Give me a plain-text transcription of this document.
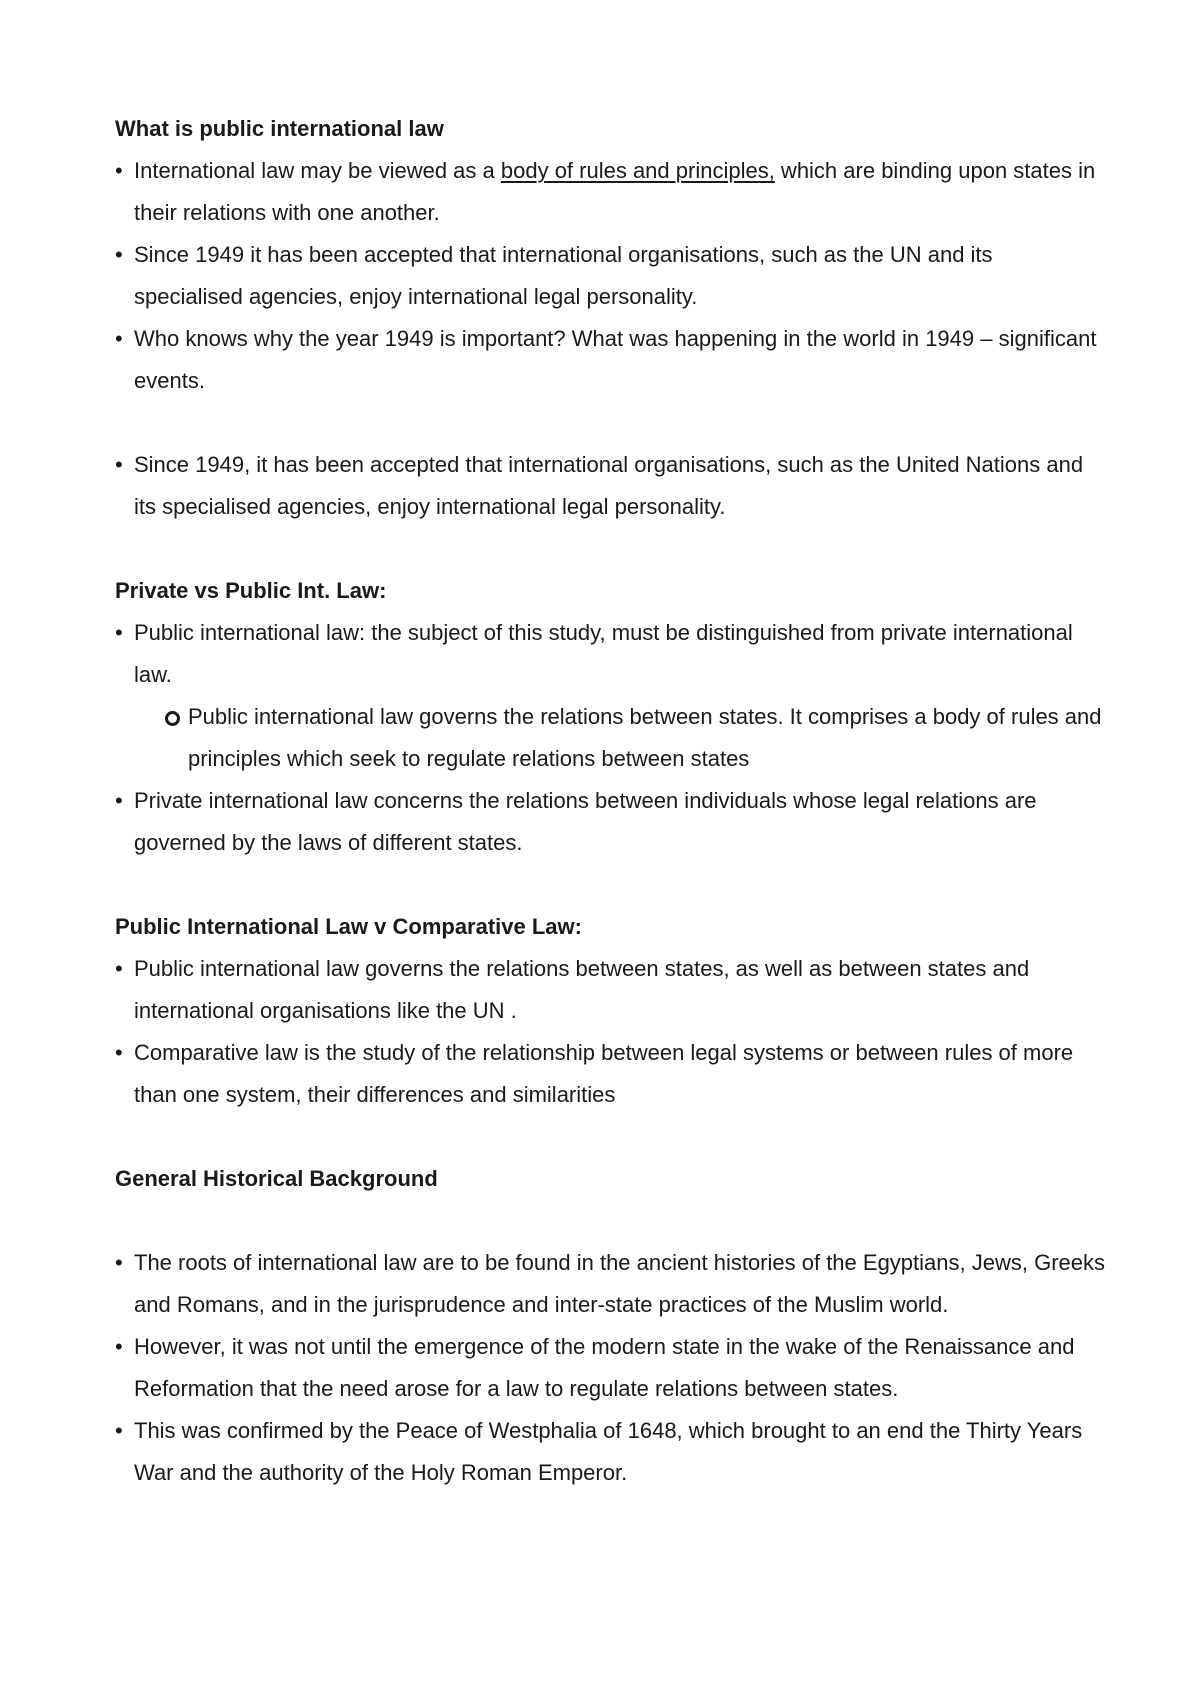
What is public international law

• International law may be viewed as a body of rules and principles, which are binding upon states in their relations with one another.

• Since 1949 it has been accepted that international organisations, such as the UN and its specialised agencies, enjoy international legal personality.

• Who knows why the year 1949 is important? What was happening in the world in 1949 – significant events.

• Since 1949, it has been accepted that international organisations, such as the United Nations and its specialised agencies, enjoy international legal personality.

Private vs Public Int. Law:

• Public international law: the subject of this study, must be distinguished from private international law.

Public international law governs the relations between states. It comprises a body of rules and principles which seek to regulate relations between states

• Private international law concerns the relations between individuals whose legal relations are governed by the laws of different states.

Public International Law v Comparative Law:

• Public international law governs the relations between states, as well as between states and international organisations like the UN .

• Comparative law is the study of the relationship between legal systems or between rules of more than one system, their differences and similarities

General Historical Background

• The roots of international law are to be found in the ancient histories of the Egyptians, Jews, Greeks and Romans, and in the jurisprudence and inter-state practices of the Muslim world.

• However, it was not until the emergence of the modern state in the wake of the Renaissance and Reformation that the need arose for a law to regulate relations between states.

• This was confirmed by the Peace of Westphalia of 1648, which brought to an end the Thirty Years War and the authority of the Holy Roman Emperor.
